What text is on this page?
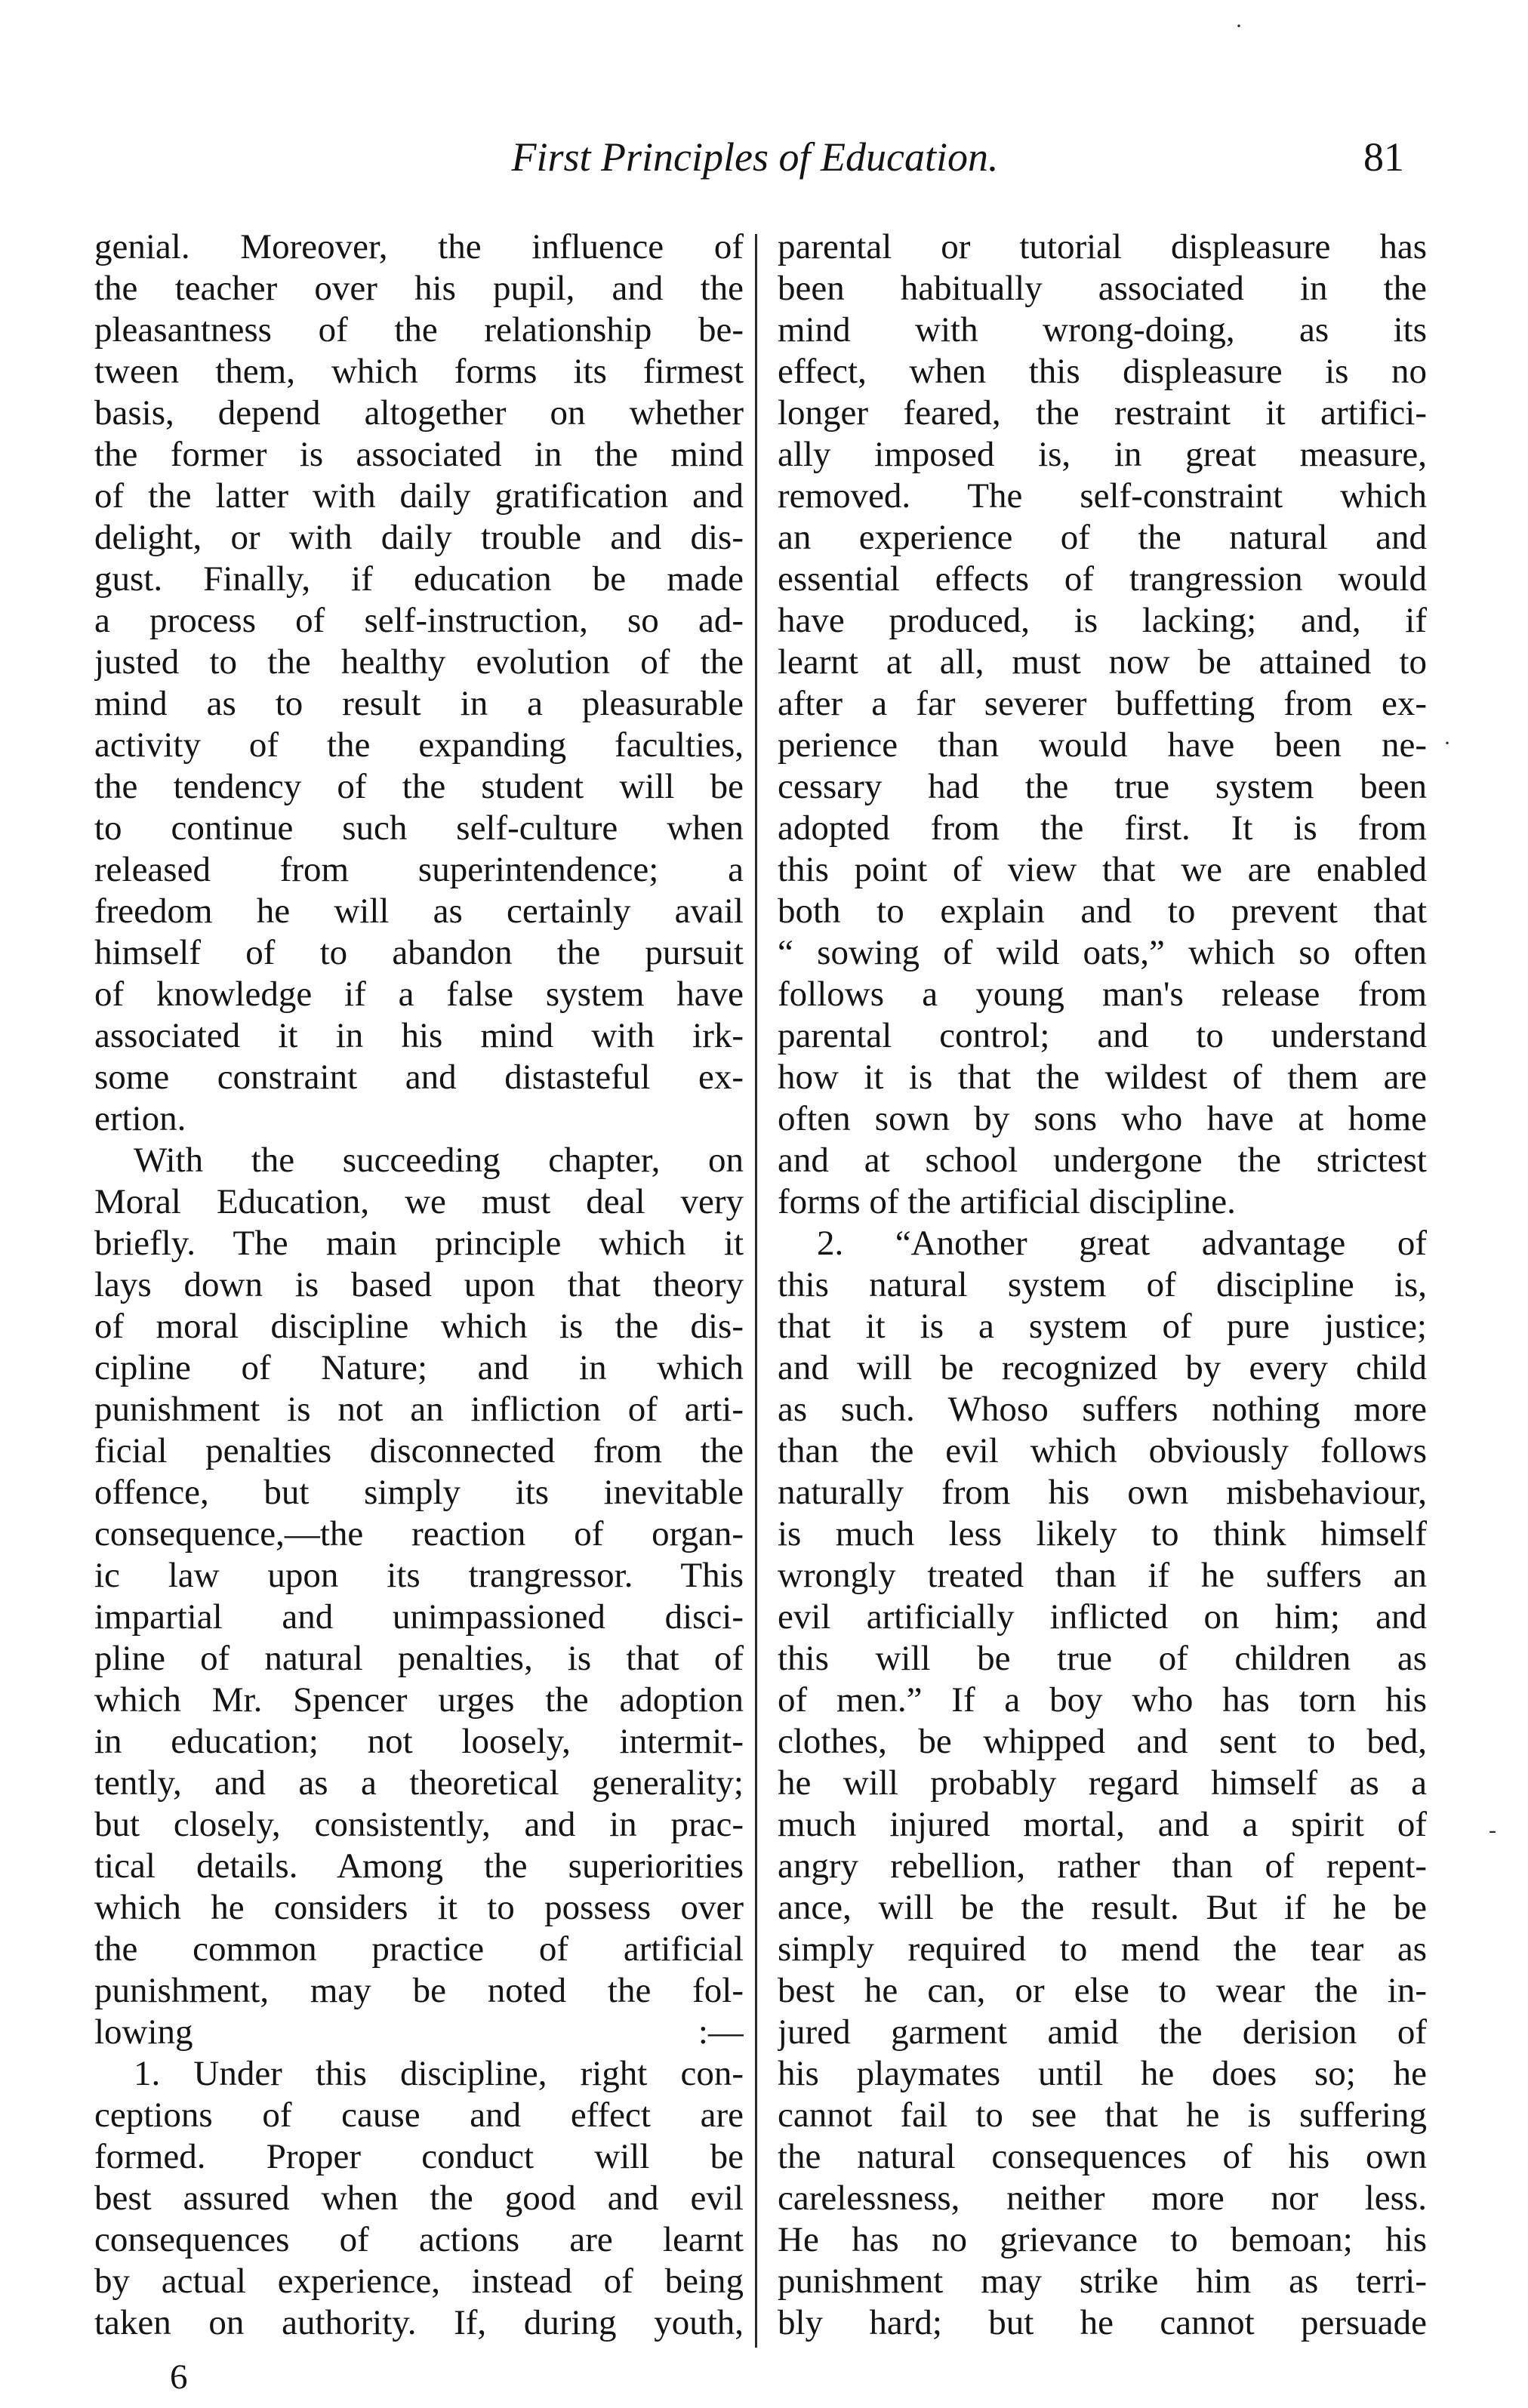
First Principles of Education.	81
genial. Moreover, the influence of
the teacher over his pupil, and the
pleasantness of the relationship be-
tween them, which forms its firmest
basis, depend altogether on whether
the former is associated in the mind
of the latter with daily gratification and
delight, or with daily trouble and dis-
gust. Finally, if education be made
a process of self-instruction, so ad-
justed to the healthy evolution of the
mind as to result in a pleasurable
activity of the expanding faculties,
the tendency of the student will be
to continue such self-culture when
released from superintendence; a
freedom he will as certainly avail
himself of to abandon the pursuit
of knowledge if a false system have
associated it in his mind with irk-
some constraint and distasteful ex-
ertion.
With the succeeding chapter, on
Moral Education, we must deal very
briefly. The main principle which it
lays down is based upon that theory
of moral discipline which is the dis-
cipline of Nature; and in which
punishment is not an infliction of arti-
ficial penalties disconnected from the
offence, but simply its inevitable
consequence,—the reaction of organ-
ic law upon its trangressor. This
impartial and unimpassioned disci-
pline of natural penalties, is that of
which Mr. Spencer urges the adoption
in education; not loosely, intermit-
tently, and as a theoretical generality;
but closely, consistently, and in prac-
tical details. Among the superiorities
which he considers it to possess over
the common practice of artificial
punishment, may be noted the fol-
lowing :—
1. Under this discipline, right con-
ceptions of cause and effect are
formed. Proper conduct will be
best assured when the good and evil
consequences of actions are learnt
by actual experience, instead of being
taken on authority. If, during youth,
parental or tutorial displeasure has
been habitually associated in the
mind with wrong-doing, as its
effect, when this displeasure is no
longer feared, the restraint it artifici-
ally imposed is, in great measure,
removed. The self-constraint which
an experience of the natural and
essential effects of trangression would
have produced, is lacking; and, if
learnt at all, must now be attained to
after a far severer buffetting from ex-
perience than would have been ne-
cessary had the true system been
adopted from the first. It is from
this point of view that we are enabled
both to explain and to prevent that
“ sowing of wild oats,” which so often
follows a young man's release from
parental control; and to understand
how it is that the wildest of them are
often sown by sons who have at home
and at school undergone the strictest
forms of the artificial discipline.
2. “Another great advantage of
this natural system of discipline is,
that it is a system of pure justice;
and will be recognized by every child
as such. Whoso suffers nothing more
than the evil which obviously follows
naturally from his own misbehaviour,
is much less likely to think himself
wrongly treated than if he suffers an
evil artificially inflicted on him; and
this will be true of children as
of men.” If a boy who has torn his
clothes, be whipped and sent to bed,
he will probably regard himself as a
much injured mortal, and a spirit of
angry rebellion, rather than of repent-
ance, will be the result. But if he be
simply required to mend the tear as
best he can, or else to wear the in-
jured garment amid the derision of
his playmates until he does so; he
cannot fail to see that he is suffering
the natural consequences of his own
carelessness, neither more nor less.
He has no grievance to bemoan; his
punishment may strike him as terri-
bly hard; but he cannot persuade
6
·
·
-
